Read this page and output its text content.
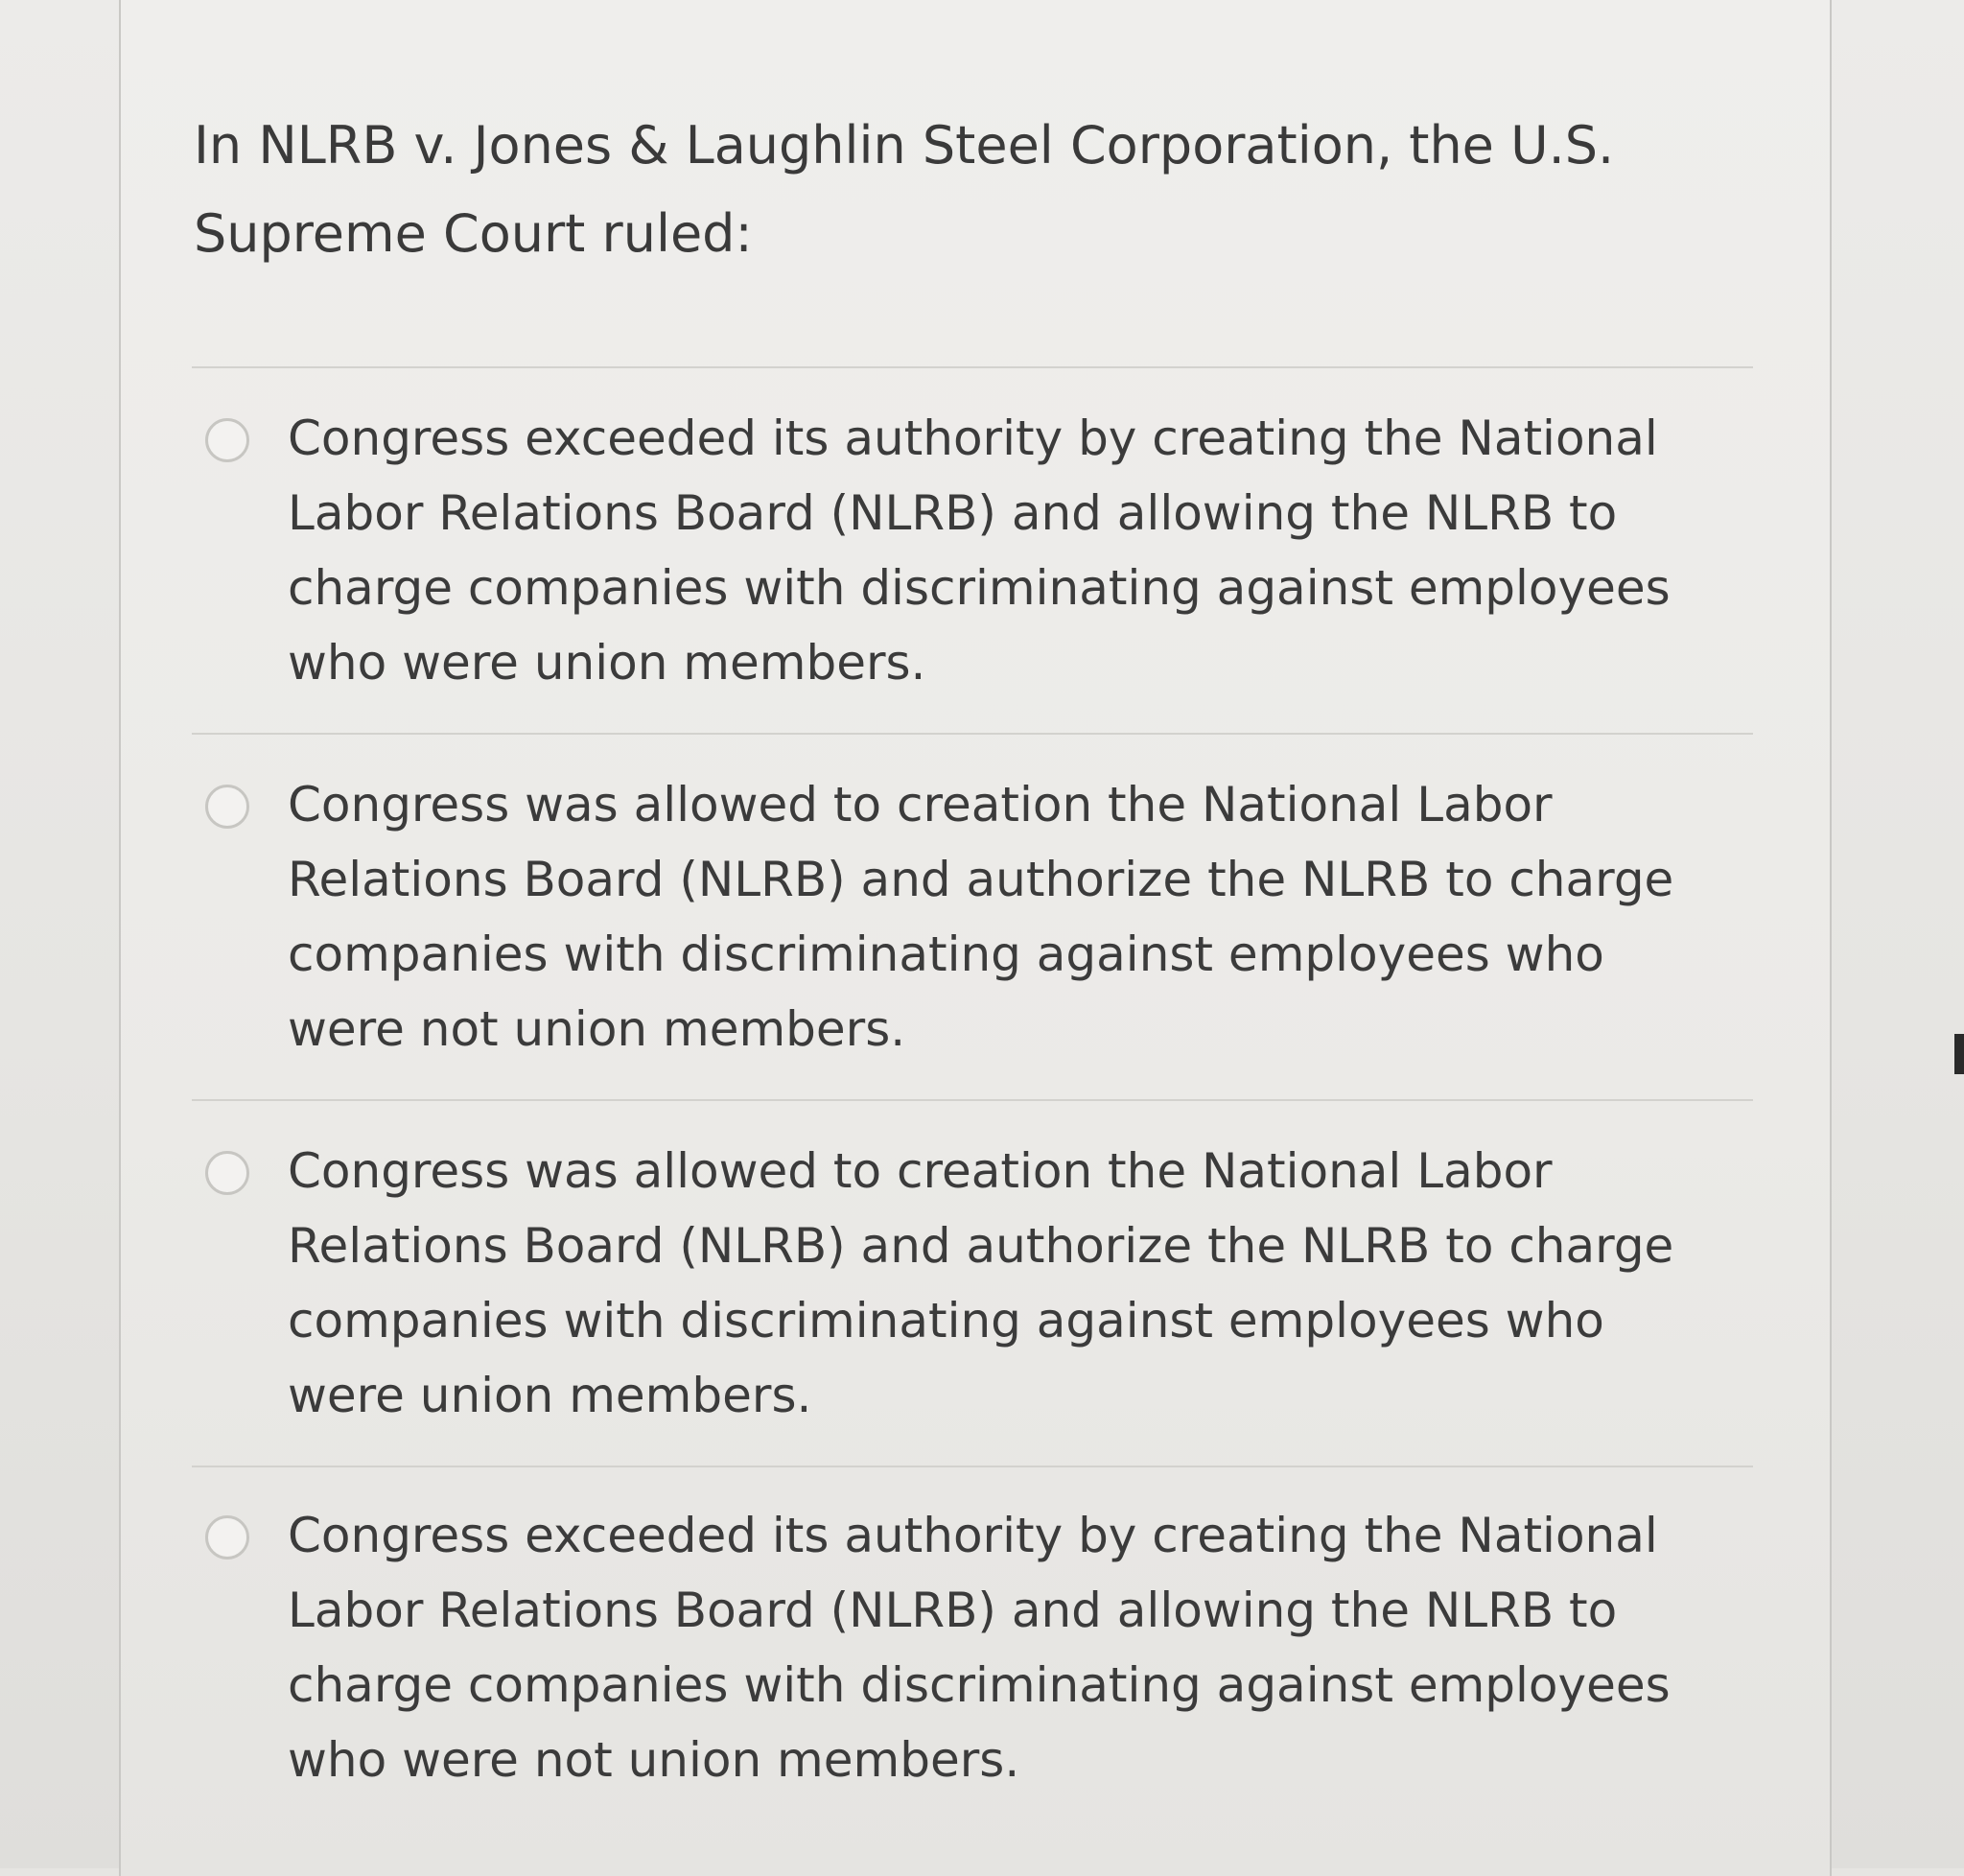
In NLRB v. Jones & Laughlin Steel Corporation, the U.S. Supreme Court ruled:

Congress exceeded its authority by creating the National Labor Relations Board (NLRB) and allowing the NLRB to charge companies with discriminating against employees who were union members.
Congress was allowed to creation the National Labor Relations Board (NLRB) and authorize the NLRB to charge companies with discriminating against employees who were not union members.
Congress was allowed to creation the National Labor Relations Board (NLRB) and authorize the NLRB to charge companies with discriminating against employees who were union members.
Congress exceeded its authority by creating the National Labor Relations Board (NLRB) and allowing the NLRB to charge companies with discriminating against employees who were not union members.
